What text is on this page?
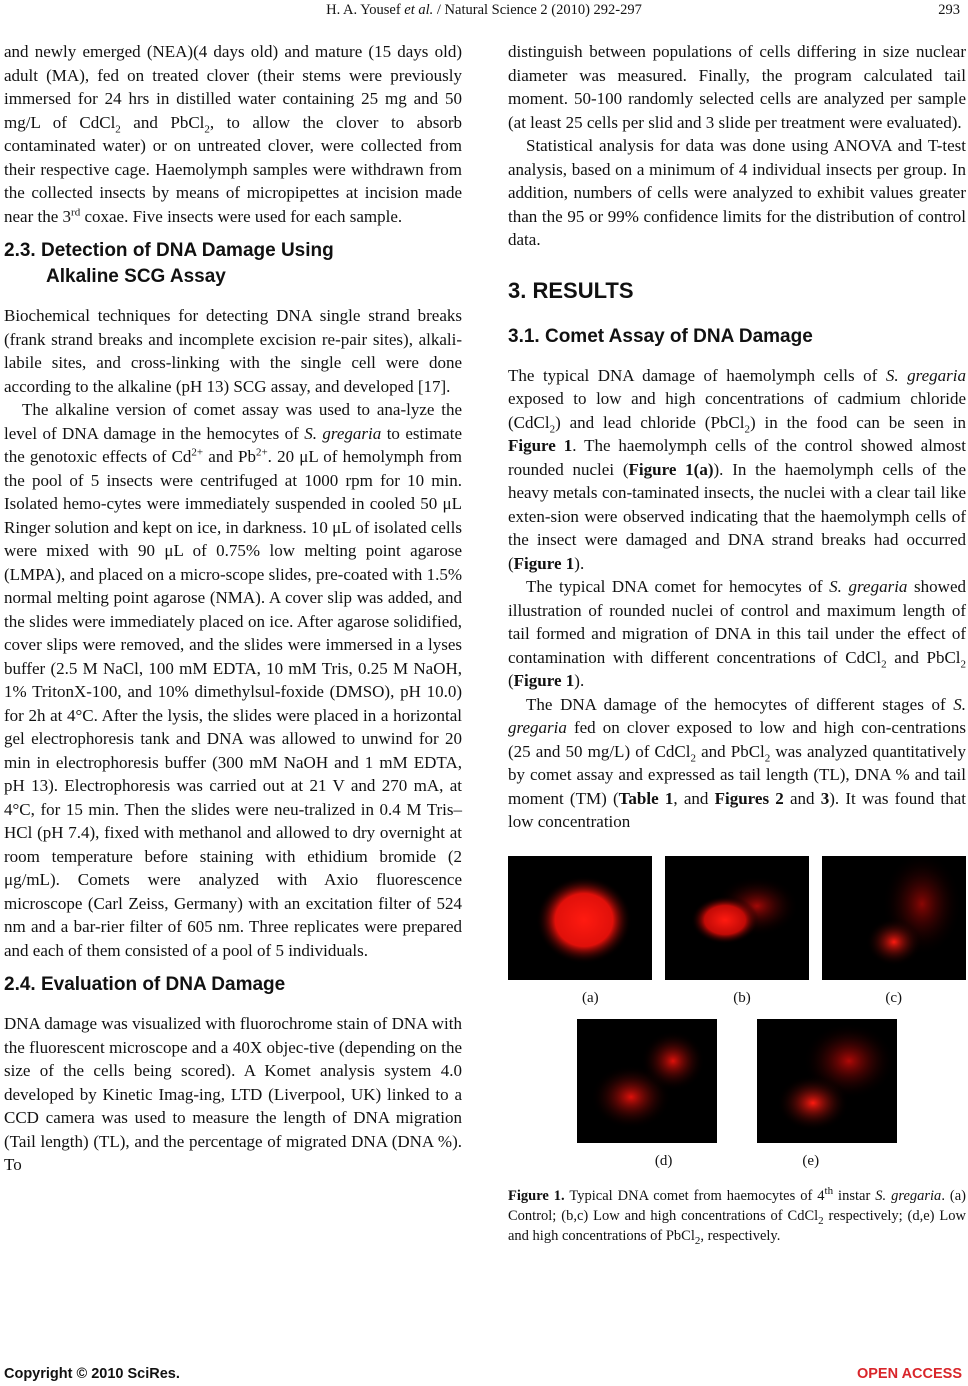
H. A. Yousef et al. / Natural Science 2 (2010) 292-297	293

and newly emerged (NEA)(4 days old) and mature (15 days old) adult (MA), fed on treated clover (their stems were previously immersed for 24 hrs in distilled water containing 25 mg and 50 mg/L of CdCl$_2$ and PbCl$_2$, to allow the clover to absorb contaminated water) or on untreated clover, were collected from their respective cage. Haemolymph samples were withdrawn from the collected insects by means of micropipettes at incision made near the 3rd coxae. Five insects were used for each sample.

2.3. Detection of DNA Damage Using
Alkaline SCG Assay

Biochemical techniques for detecting DNA single strand breaks (frank strand breaks and incomplete excision re-pair sites), alkali-labile sites, and cross-linking with the single cell were done according to the alkaline (pH 13) SCG assay, and developed [17].

The alkaline version of comet assay was used to ana-lyze the level of DNA damage in the hemocytes of S. gregaria to estimate the genotoxic effects of $Cd^{2+}$ and $Pb^{2+}$. 20 μL of hemolymph from the pool of 5 insects were centrifuged at 1000 rpm for 10 min. Isolated hemo-cytes were immediately suspended in cooled 50 μL Ringer solution and kept on ice, in darkness. 10 μL of isolated cells were mixed with 90 μL of 0.75% low melting point agarose (LMPA), and placed on a micro-scope slides, pre-coated with 1.5% normal melting point agarose (NMA). A cover slip was added, and the slides were immediately placed on ice. After agarose solidified, cover slips were removed, and the slides were immersed in a lyses buffer (2.5 M NaCl, 100 mM EDTA, 10 mM Tris, 0.25 M NaOH, 1% TritonX-100, and 10% dimethylsul-foxide (DMSO), pH 10.0) for 2h at 4°C. After the lysis, the slides were placed in a horizontal gel electrophoresis tank and DNA was allowed to unwind for 20 min in electrophoresis buffer (300 mM NaOH and 1 mM EDTA, pH 13). Electrophoresis was carried out at 21 V and 270 mA, at 4°C, for 15 min. Then the slides were neu-tralized in 0.4 M Tris–HCl (pH 7.4), fixed with methanol and allowed to dry overnight at room temperature before staining with ethidium bromide (2 μg/mL). Comets were analyzed with Axio fluorescence microscope (Carl Zeiss, Germany) with an excitation filter of 524 nm and a bar-rier filter of 605 nm. Three replicates were prepared and each of them consisted of a pool of 5 individuals.

2.4. Evaluation of DNA Damage

DNA damage was visualized with fluorochrome stain of DNA with the fluorescent microscope and a 40X objec-tive (depending on the size of the cells being scored). A Komet analysis system 4.0 developed by Kinetic Imag-ing, LTD (Liverpool, UK) linked to a CCD camera was used to measure the length of DNA migration (Tail length) (TL), and the percentage of migrated DNA (DNA %). To

distinguish between populations of cells differing in size nuclear diameter was measured. Finally, the program calculated tail moment. 50-100 randomly selected cells are analyzed per sample (at least 25 cells per slid and 3 slide per treatment were evaluated).

Statistical analysis for data was done using ANOVA and T-test analysis, based on a minimum of 4 individual insects per group. In addition, numbers of cells were analyzed to exhibit values greater than the 95 or 99% confidence limits for the distribution of control data.

3. RESULTS
3.1. Comet Assay of DNA Damage

The typical DNA damage of haemolymph cells of S. gregaria exposed to low and high concentrations of cadmium chloride (CdCl$_2$) and lead chloride (PbCl$_2$) in the food can be seen in Figure 1. The haemolymph cells of the control showed almost rounded nuclei (Figure 1(a)). In the haemolymph cells of the heavy metals con-taminated insects, the nuclei with a clear tail like exten-sion were observed indicating that the haemolymph cells of the insect were damaged and DNA strand breaks had occurred (Figure 1).

The typical DNA comet for hemocytes of S. gregaria showed illustration of rounded nuclei of control and maximum length of tail formed and migration of DNA in this tail under the effect of contamination with different concentrations of CdCl$_2$ and PbCl$_2$ (Figure 1).

The DNA damage of the hemocytes of different stages of S. gregaria fed on clover exposed to low and high con-centrations (25 and 50 mg/L) of CdCl$_2$ and PbCl$_2$ was analyzed quantitatively by comet assay and expressed as tail length (TL), DNA % and tail moment (TM) (Table 1, and Figures 2 and 3). It was found that low concentration

(a)	(b)	(c)
(d)	(e)
Figure 1. Typical DNA comet from haemocytes of 4th instar S. gregaria. (a) Control; (b,c) Low and high concentrations of CdCl$_2$ respectively; (d,e) Low and high concentrations of PbCl$_2$, respectively.
Copyright © 2010 SciRes.	OPEN ACCESS
